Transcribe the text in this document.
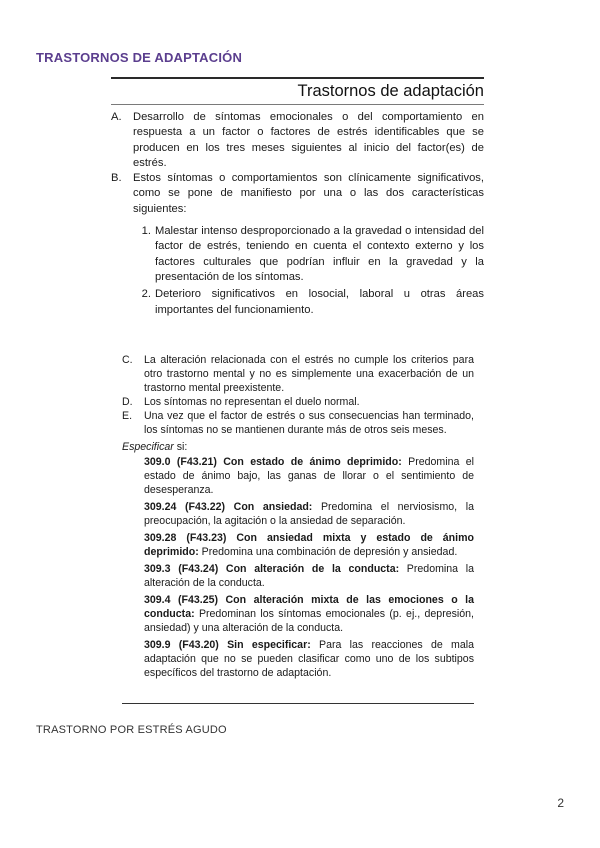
TRASTORNOS DE ADAPTACIÓN
Trastornos de adaptación
A.	Desarrollo de síntomas emocionales o del comportamiento en respuesta a un factor o factores de estrés identificables que se producen en los tres meses siguientes al inicio del factor(es) de estrés.
B.	Estos síntomas o comportamientos son clínicamente significativos, como se pone de manifiesto por una o las dos características siguientes:
1. Malestar intenso desproporcionado a la gravedad o intensidad del factor de estrés, teniendo en cuenta el contexto externo y los factores culturales que podrían influir en la gravedad y la presentación de los síntomas.
2. Deterioro significativos en losocial, laboral u otras áreas importantes del funcionamiento.
C.	La alteración relacionada con el estrés no cumple los criterios para otro trastorno mental y no es simplemente una exacerbación de un trastorno mental preexistente.
D.	Los síntomas no representan el duelo normal.
E.	Una vez que el factor de estrés o sus consecuencias han terminado, los síntomas no se mantienen durante más de otros seis meses.
Especificar si:
309.0 (F43.21) Con estado de ánimo deprimido: Predomina el estado de ánimo bajo, las ganas de llorar o el sentimiento de desesperanza.
309.24 (F43.22) Con ansiedad: Predomina el nerviosismo, la preocupación, la agitación o la ansiedad de separación.
309.28 (F43.23) Con ansiedad mixta y estado de ánimo deprimido: Predomina una combinación de depresión y ansiedad.
309.3 (F43.24) Con alteración de la conducta: Predomina la alteración de la conducta.
309.4 (F43.25) Con alteración mixta de las emociones o la conducta: Predominan los síntomas emocionales (p. ej., depresión, ansiedad) y una alteración de la conducta.
309.9 (F43.20) Sin especificar: Para las reacciones de mala adaptación que no se pueden clasificar como uno de los subtipos específicos del trastorno de adaptación.
TRASTORNO POR ESTRÉS AGUDO
2
